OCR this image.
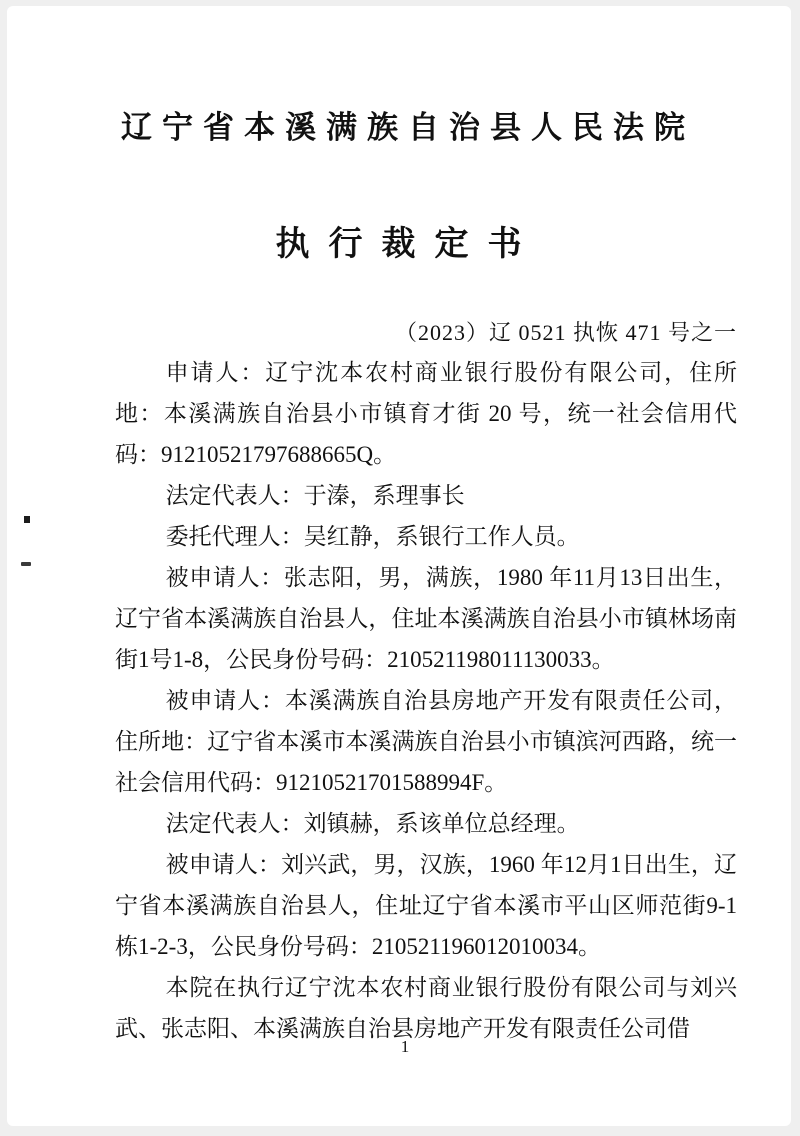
辽宁省本溪满族自治县人民法院
执行裁定书
（2023）辽 0521 执恢 471 号之一

申请人：辽宁沈本农村商业银行股份有限公司，住所地：本溪满族自治县小市镇育才街 20 号，统一社会信用代码：91210521797688665Q。

法定代表人：于溱，系理事长

委托代理人：吴红静，系银行工作人员。

被申请人：张志阳，男，满族，1980 年11月13日出生，辽宁省本溪满族自治县人，住址本溪满族自治县小市镇林场南街1号1-8，公民身份号码：210521198011130033。

被申请人：本溪满族自治县房地产开发有限责任公司，住所地：辽宁省本溪市本溪满族自治县小市镇滨河西路，统一社会信用代码：91210521701588994F。

法定代表人：刘镇赫，系该单位总经理。

被申请人：刘兴武，男，汉族，1960 年12月1日出生，辽宁省本溪满族自治县人，住址辽宁省本溪市平山区师范街9-1栋1-2-3，公民身份号码：210521196012010034。

本院在执行辽宁沈本农村商业银行股份有限公司与刘兴武、张志阳、本溪满族自治县房地产开发有限责任公司借

1
